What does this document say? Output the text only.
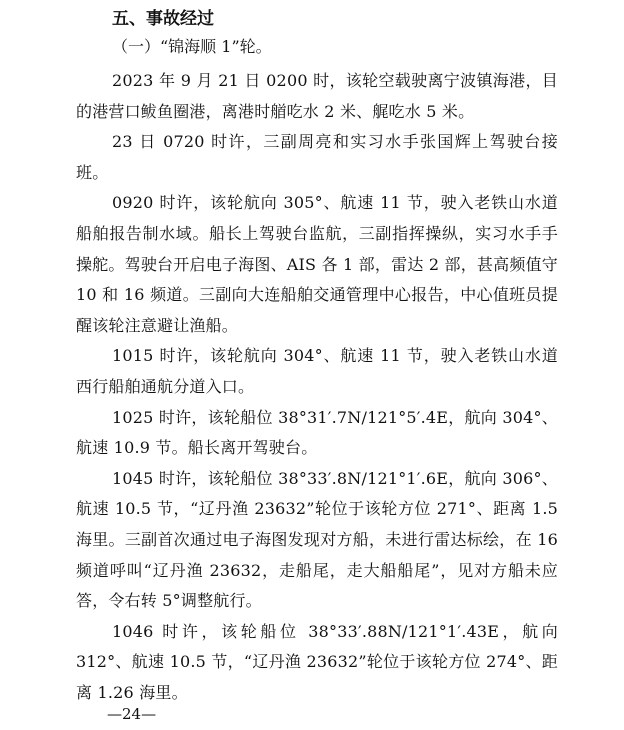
五、事故经过
（一）“锦海顺 1”轮。

2023 年 9 月 21 日 0200 时，该轮空载驶离宁波镇海港，目的港营口鲅鱼圈港，离港时艏吃水 2 米、艉吃水 5 米。

23 日 0720 时许，三副周亮和实习水手张国辉上驾驶台接班。

0920 时许，该轮航向 305°、航速 11 节，驶入老铁山水道船舶报告制水域。船长上驾驶台监航，三副指挥操纵，实习水手手操舵。驾驶台开启电子海图、AIS 各 1 部，雷达 2 部，甚高频值守 10 和 16 频道。三副向大连船舶交通管理中心报告，中心值班员提醒该轮注意避让渔船。

1015 时许，该轮航向 304°、航速 11 节，驶入老铁山水道西行船舶通航分道入口。

1025 时许，该轮船位 38°31′.7N/121°5′.4E，航向 304°、航速 10.9 节。船长离开驾驶台。

1045 时许，该轮船位 38°33′.8N/121°1′.6E，航向 306°、航速 10.5 节，“辽丹渔 23632”轮位于该轮方位 271°、距离 1.5 海里。三副首次通过电子海图发现对方船，未进行雷达标绘，在 16 频道呼叫“辽丹渔 23632，走船尾，走大船船尾”，见对方船未应答，令右转 5°调整航行。

1046 时许，该轮船位 38°33′.88N/121°1′.43E，航向 312°、航速 10.5 节，“辽丹渔 23632”轮位于该轮方位 274°、距离 1.26 海里。

—24—
